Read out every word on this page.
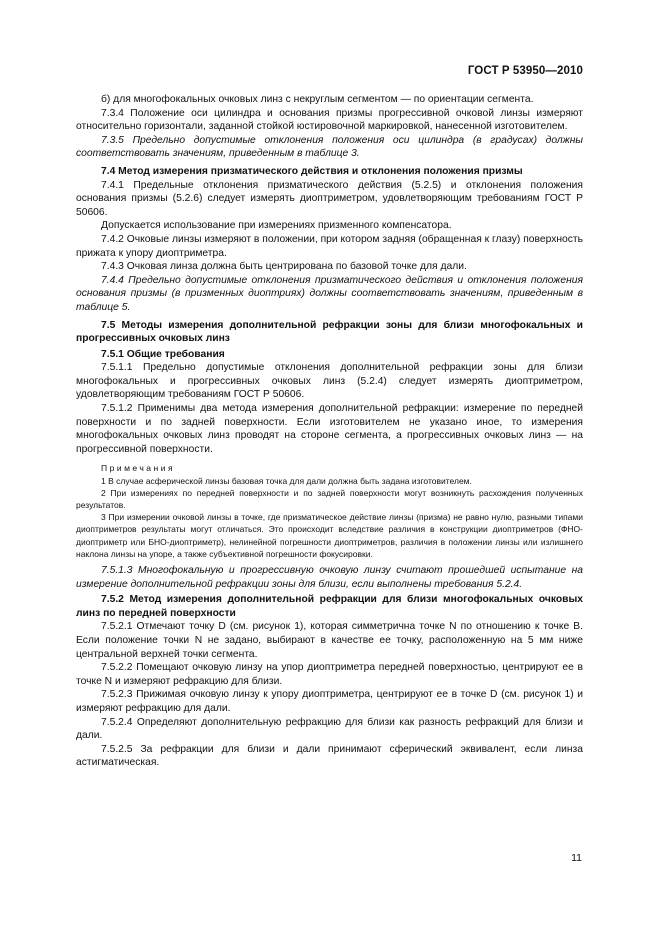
ГОСТ Р 53950—2010

б) для многофокальных очковых линз с некруглым сегментом — по ориентации сегмента.

7.3.4 Положение оси цилиндра и основания призмы прогрессивной очковой линзы измеряют относительно горизонтали, заданной стойкой юстировочной маркировкой, нанесенной изготовителем.

7.3.5 Предельно допустимые отклонения положения оси цилиндра (в градусах) должны соответствовать значениям, приведенным в таблице 3.

7.4 Метод измерения призматического действия и отклонения положения призмы

7.4.1 Предельные отклонения призматического действия (5.2.5) и отклонения положения основания призмы (5.2.6) следует измерять диоптриметром, удовлетворяющим требованиям ГОСТ Р 50606.

Допускается использование при измерениях призменного компенсатора.

7.4.2 Очковые линзы измеряют в положении, при котором задняя (обращенная к глазу) поверхность прижата к упору диоптриметра.

7.4.3 Очковая линза должна быть центрирована по базовой точке для дали.

7.4.4 Предельно допустимые отклонения призматического действия и отклонения положения основания призмы (в призменных диоптриях) должны соответствовать значениям, приведенным в таблице 5.

7.5 Методы измерения дополнительной рефракции зоны для близи многофокальных и прогрессивных очковых линз

7.5.1 Общие требования

7.5.1.1 Предельно допустимые отклонения дополнительной рефракции зоны для близи многофокальных и прогрессивных очковых линз (5.2.4) следует измерять диоптриметром, удовлетворяющим требованиям ГОСТ Р 50606.

7.5.1.2 Применимы два метода измерения дополнительной рефракции: измерение по передней поверхности и по задней поверхности. Если изготовителем не указано иное, то измерения многофокальных очковых линз проводят на стороне сегмента, а прогрессивных очковых линз — на прогрессивной поверхности.

Примечания

1 В случае асферической линзы базовая точка для дали должна быть задана изготовителем.

2 При измерениях по передней поверхности и по задней поверхности могут возникнуть расхождения полученных результатов.

3 При измерении очковой линзы в точке, где призматическое действие линзы (призма) не равно нулю, разными типами диоптриметров результаты могут отличаться. Это происходит вследствие различия в конструкции диоптриметров (ФНО-диоптриметр или БНО-диоптриметр), нелинейной погрешности диоптриметров, различия в положении линзы или излишнего наклона линзы на упоре, а также субъективной погрешности фокусировки.

7.5.1.3 Многофокальную и прогрессивную очковую линзу считают прошедшей испытание на измерение дополнительной рефракции зоны для близи, если выполнены требования 5.2.4.

7.5.2 Метод измерения дополнительной рефракции для близи многофокальных очковых линз по передней поверхности

7.5.2.1 Отмечают точку D (см. рисунок 1), которая симметрична точке N по отношению к точке B. Если положение точки N не задано, выбирают в качестве ее точку, расположенную на 5 мм ниже центральной верхней точки сегмента.

7.5.2.2 Помещают очковую линзу на упор диоптриметра передней поверхностью, центрируют ее в точке N и измеряют рефракцию для близи.

7.5.2.3 Прижимая очковую линзу к упору диоптриметра, центрируют ее в точке D (см. рисунок 1) и измеряют рефракцию для дали.

7.5.2.4 Определяют дополнительную рефракцию для близи как разность рефракций для близи и дали.

7.5.2.5 За рефракции для близи и дали принимают сферический эквивалент, если линза астигматическая.

11
